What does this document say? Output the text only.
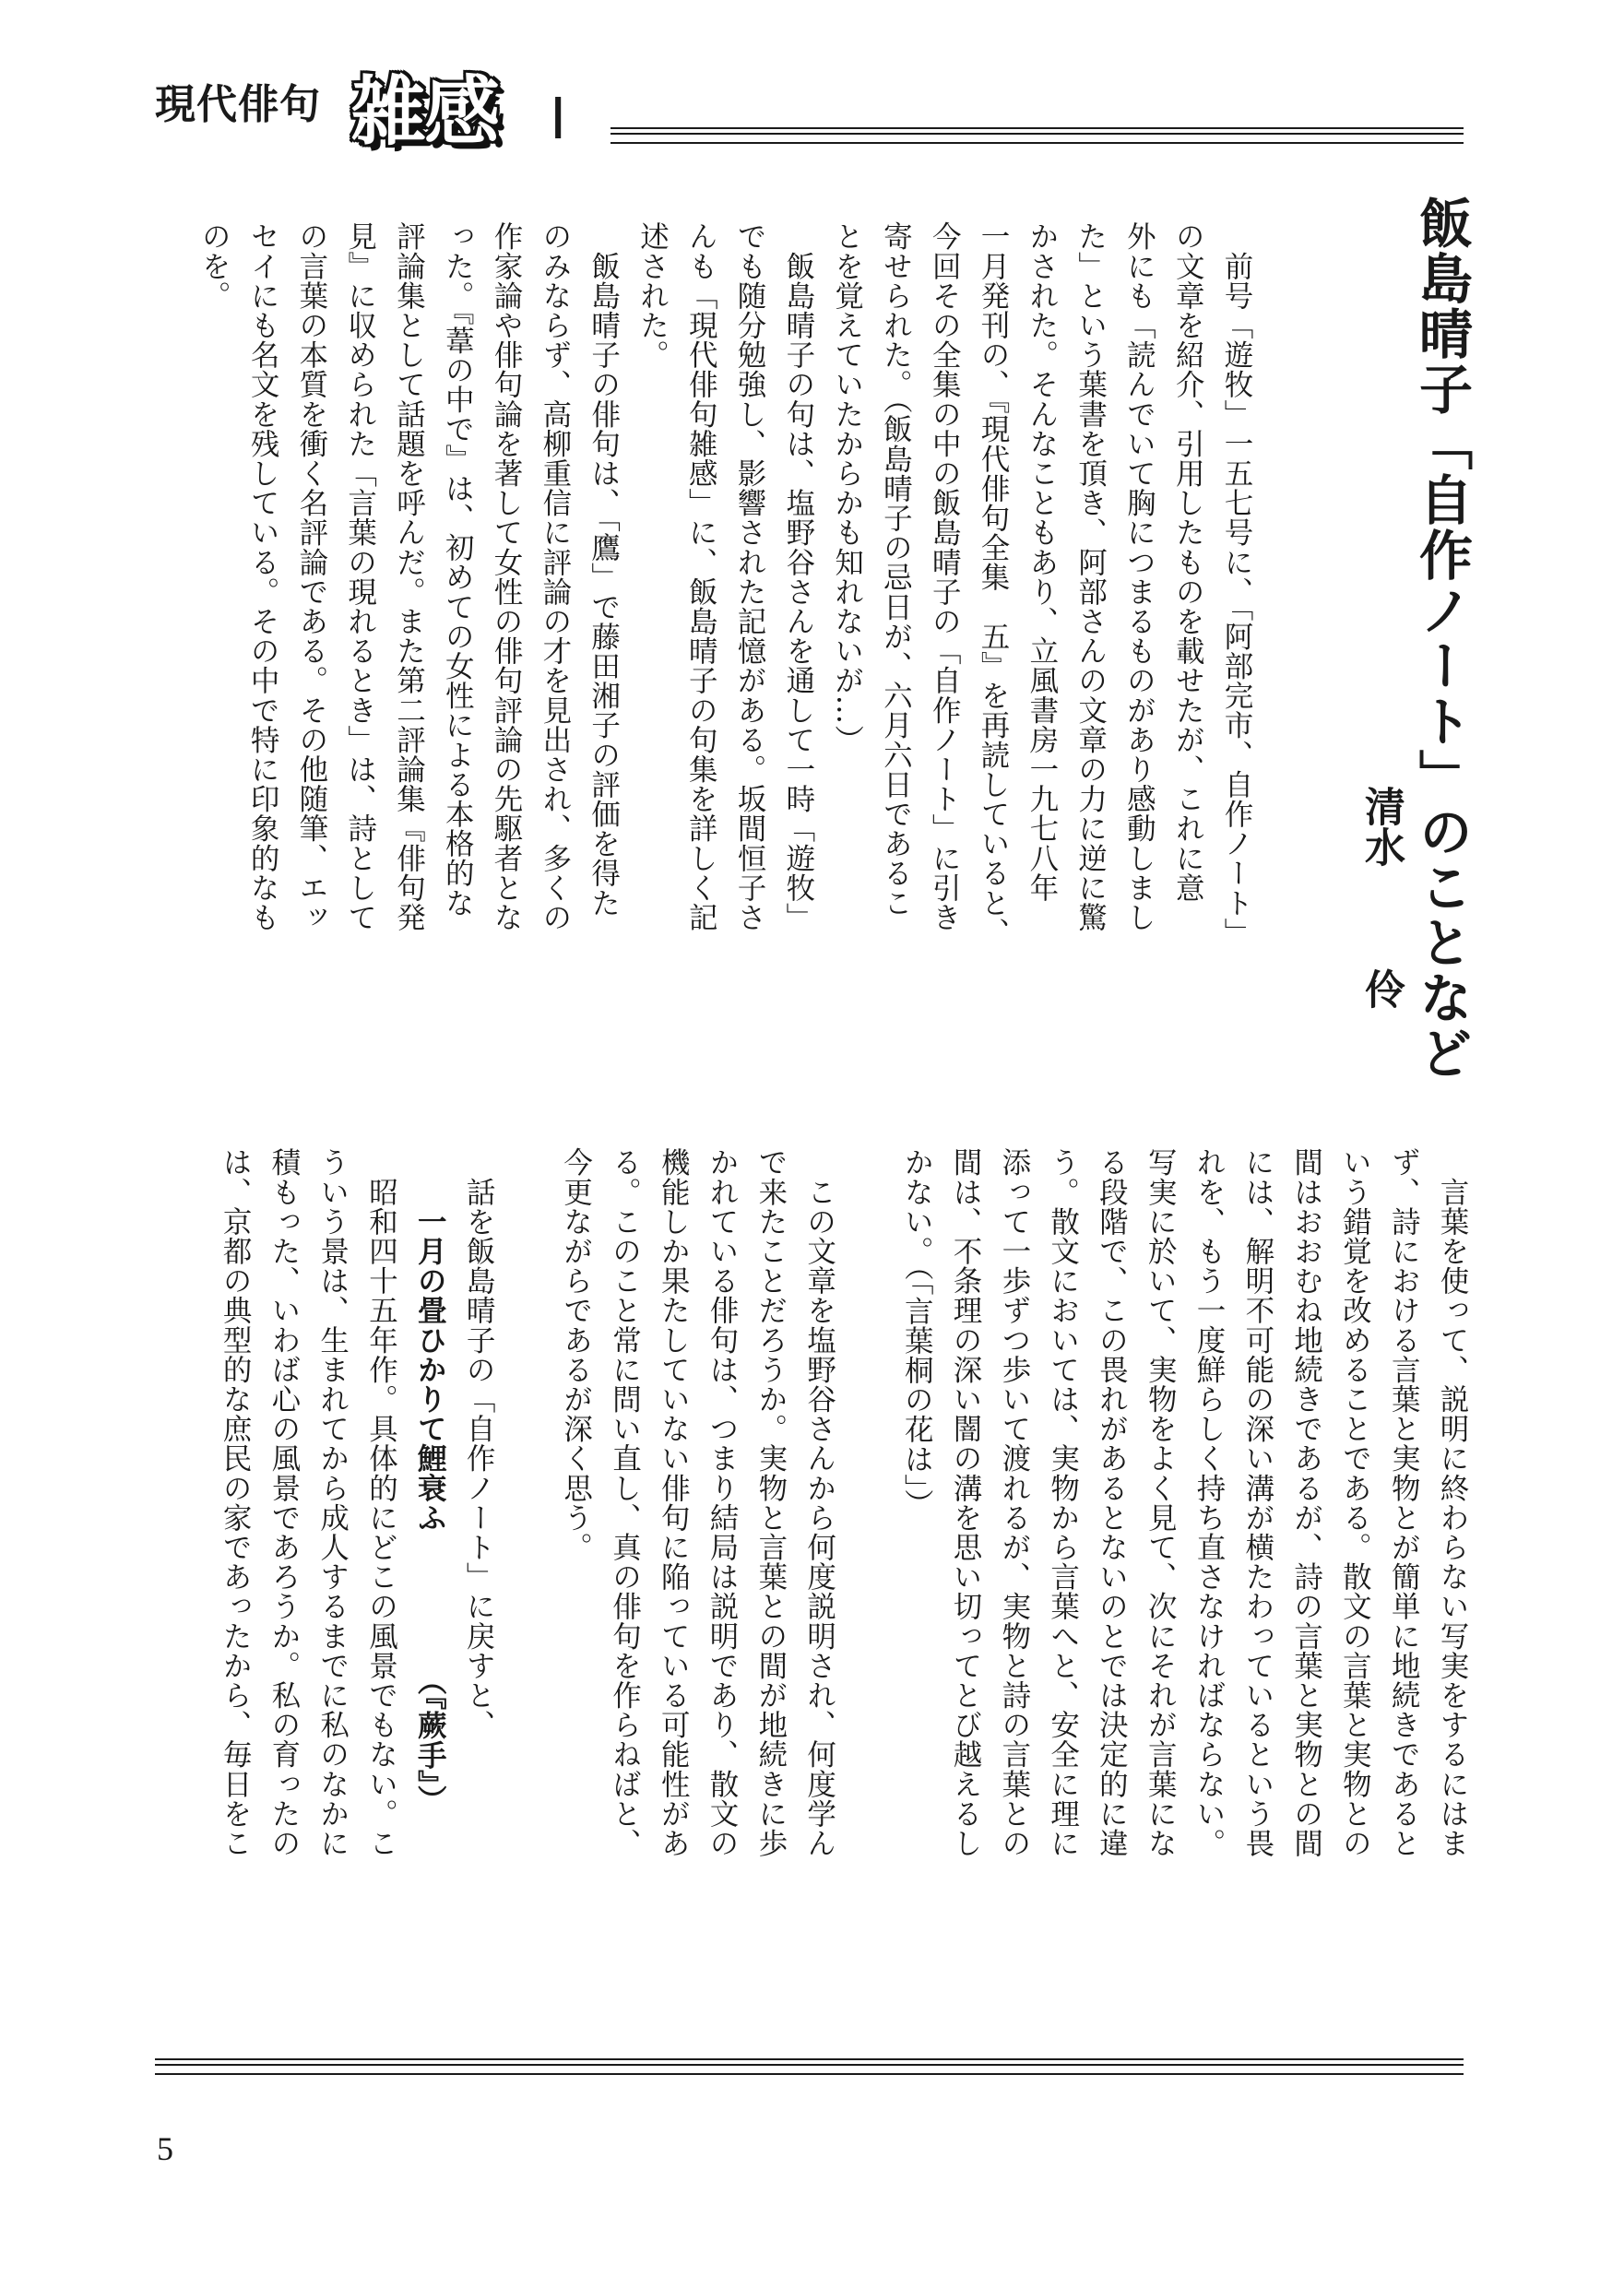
現代俳句 雑感 Ⅰ
飯島晴子「自作ノート」のことなど
清水伶
　前号「遊牧」一五七号に、「阿部完市、自作ノート」
の文章を紹介、引用したものを載せたが、これに意
外にも「読んでいて胸につまるものがあり感動しまし
た」という葉書を頂き、阿部さんの文章の力に逆に驚
かされた。そんなこともあり、立風書房一九七八年
一月発刊の、『現代俳句全集　五』を再読していると、
今回その全集の中の飯島晴子の「自作ノート」に引き
寄せられた。（飯島晴子の忌日が、六月六日であるこ
とを覚えていたからかも知れないが…）
　飯島晴子の句は、塩野谷さんを通して一時「遊牧」
でも随分勉強し、影響された記憶がある。坂間恒子さ
んも「現代俳句雑感」に、飯島晴子の句集を詳しく記
述された。
　飯島晴子の俳句は、「鷹」で藤田湘子の評価を得た
のみならず、高柳重信に評論の才を見出され、多くの
作家論や俳句論を著して女性の俳句評論の先駆者とな
った。『葦の中で』は、初めての女性による本格的な
評論集として話題を呼んだ。また第二評論集『俳句発
見』に収められた「言葉の現れるとき」は、詩として
の言葉の本質を衝く名評論である。その他随筆、エッ
セイにも名文を残している。その中で特に印象的なも
のを。
　言葉を使って、説明に終わらない写実をするにはま
ず、詩における言葉と実物とが簡単に地続きであると
いう錯覚を改めることである。散文の言葉と実物との
間はおおむね地続きであるが、詩の言葉と実物との間
には、解明不可能の深い溝が横たわっているという畏
れを、もう一度鮮らしく持ち直さなければならない。
写実に於いて、実物をよく見て、次にそれが言葉にな
る段階で、この畏れがあるとないのとでは決定的に違
う。散文においては、実物から言葉へと、安全に理に
添って一歩ずつ歩いて渡れるが、実物と詩の言葉との
間は、不条理の深い闇の溝を思い切ってとび越えるし
かない。（「言葉桐の花は」）

　この文章を塩野谷さんから何度説明され、何度学ん
で来たことだろうか。実物と言葉との間が地続きに歩
かれている俳句は、つまり結局は説明であり、散文の
機能しか果たしていない俳句に陥っている可能性があ
る。このこと常に問い直し、真の俳句を作らねばと、
今更ながらであるが深く思う。

　話を飯島晴子の「自作ノート」に戻すと、
　　一月の畳ひかりて鯉衰ふ　　　　　（『蕨手』）
　昭和四十五年作。具体的にどこの風景でもない。こ
ういう景は、生まれてから成人するまでに私のなかに
積もった、いわば心の風景であろうか。私の育ったの
は、京都の典型的な庶民の家であったから、毎日をこ
5
